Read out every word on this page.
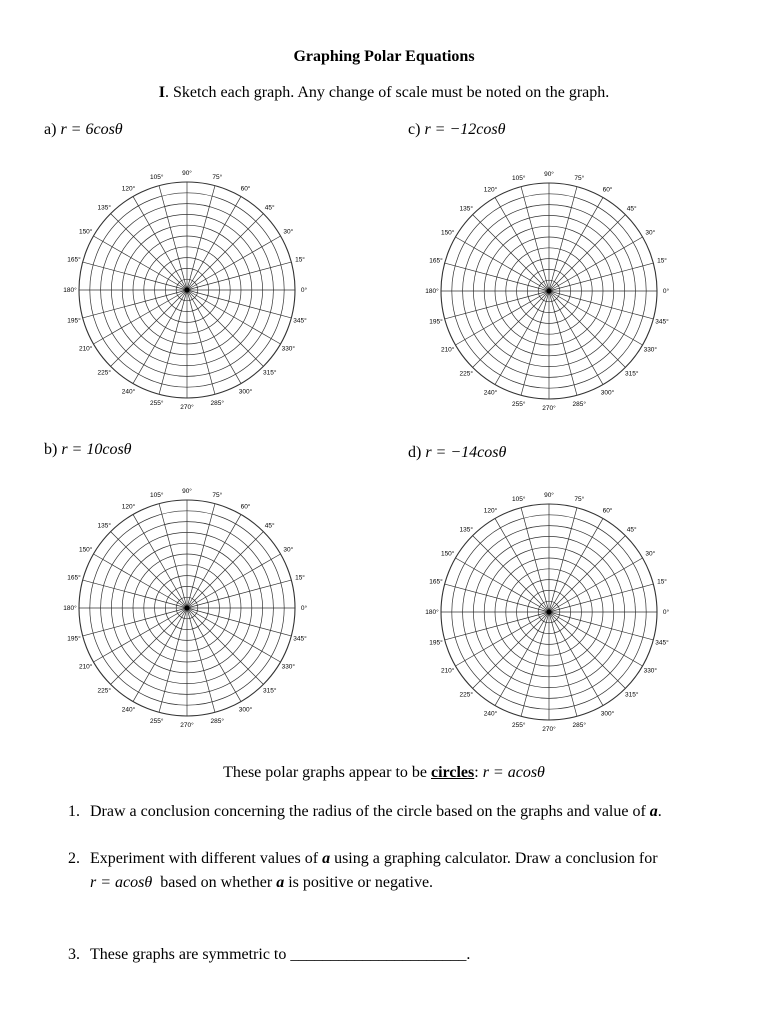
Graphing Polar Equations
I. Sketch each graph. Any change of scale must be noted on the graph.
a) r = 6cosθ	c) r = −12cosθ
b) r = 10cosθ	d) r = −14cosθ
0°
15°
30°
45°
60°
75°
90°
105°
120°
135°
150°
165°
180°
195°
210°
225°
240°
255°
270°
285°
300°
315°
330°
345°
0°
15°
30°
45°
60°
75°
90°
105°
120°
135°
150°
165°
180°
195°
210°
225°
240°
255°
270°
285°
300°
315°
330°
345°
0°
15°
30°
45°
60°
75°
90°
105°
120°
135°
150°
165°
180°
195°
210°
225°
240°
255°
270°
285°
300°
315°
330°
345°
0°
15°
30°
45°
60°
75°
90°
105°
120°
135°
150°
165°
180°
195°
210°
225°
240°
255°
270°
285°
300°
315°
330°
345°
These polar graphs appear to be circles: r = acosθ
1. Draw a conclusion concerning the radius of the circle based on the graphs and value of a.
2. Experiment with different values of a using a graphing calculator. Draw a conclusion for
r = acosθ  based on whether a is positive or negative.
3. These graphs are symmetric to ______________________.
